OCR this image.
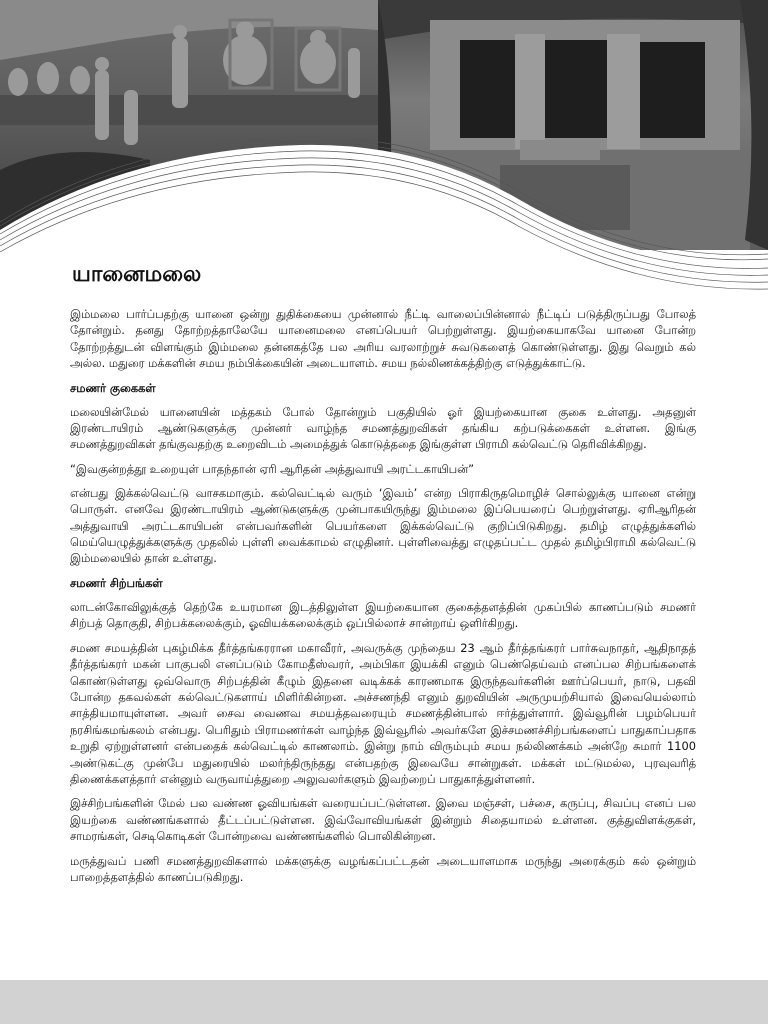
யானைமலை

இம்மலை பார்ப்பதற்கு யானை ஒன்று துதிக்கையை முன்னால் நீட்டி வாலைப்பின்னால் நீட்டிப் படுத்திருப்பது போலத் தோன்றும். தனது தோற்றத்தாலேயே யானைமலை எனப்பெயர் பெற்றுள்ளது. இயற்கையாகவே யானை போன்ற தோற்றத்துடன் விளங்கும் இம்மலை தன்னகத்தே பல அரிய வரலாற்றுச் சுவடுகளைத் கொண்டுள்ளது. இது வெறும் கல் அல்ல. மதுரை மக்களின் சமய நம்பிக்கையின் அடையாளம். சமய நல்லிணக்கத்திற்கு எடுத்துக்காட்டு.

சமணர் குகைகள்

மலையின்மேல் யானையின் மத்தகம் போல் தோன்றும் பகுதியில் ஓர் இயற்கையான குகை உள்ளது. அதனுள் இரண்டாயிரம் ஆண்டுகளுக்கு முன்னர் வாழ்ந்த சமணத்துறவிகள் தங்கிய கற்படுக்கைகள் உள்ளன. இங்கு சமணத்துறவிகள் தங்குவதற்கு உறைவிடம் அமைத்துக் கொடுத்ததை இங்குள்ள பிராமி கல்வெட்டு தெரிவிக்கிறது.

“இவகுன்றத்தூ உறையுள் பாதந்தான் ஏரி ஆரிதன் அத்துவாயி அரட்டகாயிபன்”

என்பது இக்கல்வெட்டு வாசகமாகும். கல்வெட்டில் வரும் ‘இவம்’ என்ற பிராகிருதமொழிச் சொல்லுக்கு யானை என்று பொருள். எனவே இரண்டாயிரம் ஆண்டுகளுக்கு முன்பாகயிருந்து இம்மலை இப்பெயரைப் பெற்றுள்ளது. ஏரிஆரிதன் அத்துவாயி அரட்டகாயிபன் என்பவர்களின் பெயர்களை இக்கல்வெட்டு குறிப்பிடுகிறது. தமிழ் எழுத்துக்களில் மெய்யெழுத்துக்களுக்கு முதலில் புள்ளி வைக்காமல் எழுதினர். புள்ளிவைத்து எழுதப்பட்ட முதல் தமிழ்பிராமி கல்வெட்டு இம்மலையில் தான் உள்ளது.

சமணர் சிற்பங்கள்

லாடன்கோவிலுக்குத் தெற்கே உயரமான இடத்திலுள்ள இயற்கையான குகைத்தளத்தின் முகப்பில் காணப்படும் சமணர் சிற்பத் தொகுதி, சிற்பக்கலைக்கும், ஓவியக்கலைக்கும் ஒப்பில்லாச் சான்றாய் ஒளிர்கிறது.

சமண சமயத்தின் புகழ்மிக்க தீர்த்தங்கரரான மகாவீரர், அவருக்கு முந்தைய 23 ஆம் தீர்த்தங்கரர் பார்சுவநாதர், ஆதிநாதத் தீர்த்தங்கரர் மகன் பாகுபலி எனப்படும் கோமதீஸ்வரர், அம்பிகா இயக்கி எனும் பெண்தெய்வம் எனப்பல சிற்பங்களைக் கொண்டுள்ளது ஒவ்வொரு சிற்பத்தின் கீழும் இதனை வடிக்கக் காரணமாக இருந்தவர்களின் ஊர்ப்பெயர், நாடு, பதவி போன்ற தகவல்கள் கல்வெட்டுகளாய் மிளிர்கின்றன. அச்சணந்தி எனும் துறவியின் அருமுயற்சியால் இவையெல்லாம் சாத்தியமாயுள்ளன. அவர் சைவ வைணவ சமயத்தவரையும் சமணத்தின்பால் ஈர்த்துள்ளார். இவ்வூரின் பழம்பெயர் நரசிங்கமங்கலம் என்பது. பெரிதும் பிராமணர்கள் வாழ்ந்த இவ்வூரில் அவர்களே இச்சமணச்சிற்பங்களைப் பாதுகாப்பதாக உறுதி ஏற்றுள்ளனர் என்பதைக் கல்வெட்டில் காணலாம். இன்று நாம் விரும்பும் சமய நல்லிணக்கம் அன்றே சுமார் 1100 அண்டுகட்கு முன்பே மதுரையில் மலர்ந்திருந்தது என்பதற்கு இவையே சான்றுகள். மக்கள் மட்டுமல்ல, புரவுவரித் திணைக்களத்தார் என்னும் வருவாய்த்துறை அலுவலர்களும் இவற்றைப் பாதுகாத்துள்ளனர்.

இச்சிற்பங்களின் மேல் பல வண்ண ஓவியங்கள் வரையப்பட்டுள்ளன. இவை மஞ்சள், பச்சை, கருப்பு, சிவப்பு எனப் பல இயற்கை வண்ணங்களால் தீட்டப்பட்டுள்ளன. இவ்வோவியங்கள் இன்றும் சிதையாமல் உள்ளன. குத்துவிளக்குகள், சாமரங்கள், செடிகொடிகள் போன்றவை வண்ணங்களில் பொலிகின்றன.

மருத்துவப் பணி சமணத்துறவிகளால் மக்களுக்கு வழங்கப்பட்டதன் அடையாளமாக மருந்து அரைக்கும் கல் ஒன்றும் பாறைத்தளத்தில் காணப்படுகிறது.
